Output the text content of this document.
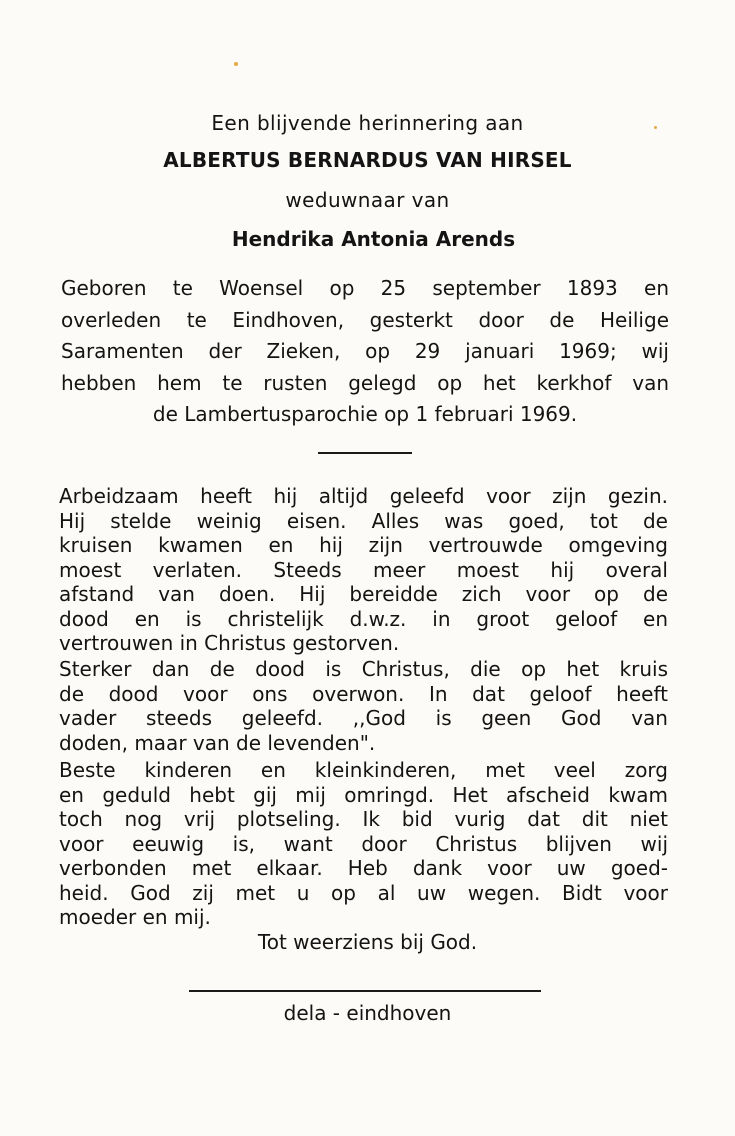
Een blijvende herinnering aan
ALBERTUS BERNARDUS VAN HIRSEL
weduwnaar van
Hendrika Antonia Arends
Geboren te Woensel op 25 september 1893 en
overleden te Eindhoven, gesterkt door de Heilige
Saramenten der Zieken, op 29 januari 1969; wij
hebben hem te rusten gelegd op het kerkhof van
de Lambertusparochie op 1 februari 1969.
Arbeidzaam heeft hij altijd geleefd voor zijn gezin.
Hij stelde weinig eisen. Alles was goed, tot de
kruisen kwamen en hij zijn vertrouwde omgeving
moest verlaten. Steeds meer moest hij overal
afstand van doen. Hij bereidde zich voor op de
dood en is christelijk d.w.z. in groot geloof en
vertrouwen in Christus gestorven.
Sterker dan de dood is Christus, die op het kruis
de dood voor ons overwon. In dat geloof heeft
vader steeds geleefd. ,,God is geen God van
doden, maar van de levenden".
Beste kinderen en kleinkinderen, met veel zorg
en geduld hebt gij mij omringd. Het afscheid kwam
toch nog vrij plotseling. Ik bid vurig dat dit niet
voor eeuwig is, want door Christus blijven wij
verbonden met elkaar. Heb dank voor uw goed-
heid. God zij met u op al uw wegen. Bidt voor
moeder en mij.
Tot weerziens bij God.
dela - eindhoven
